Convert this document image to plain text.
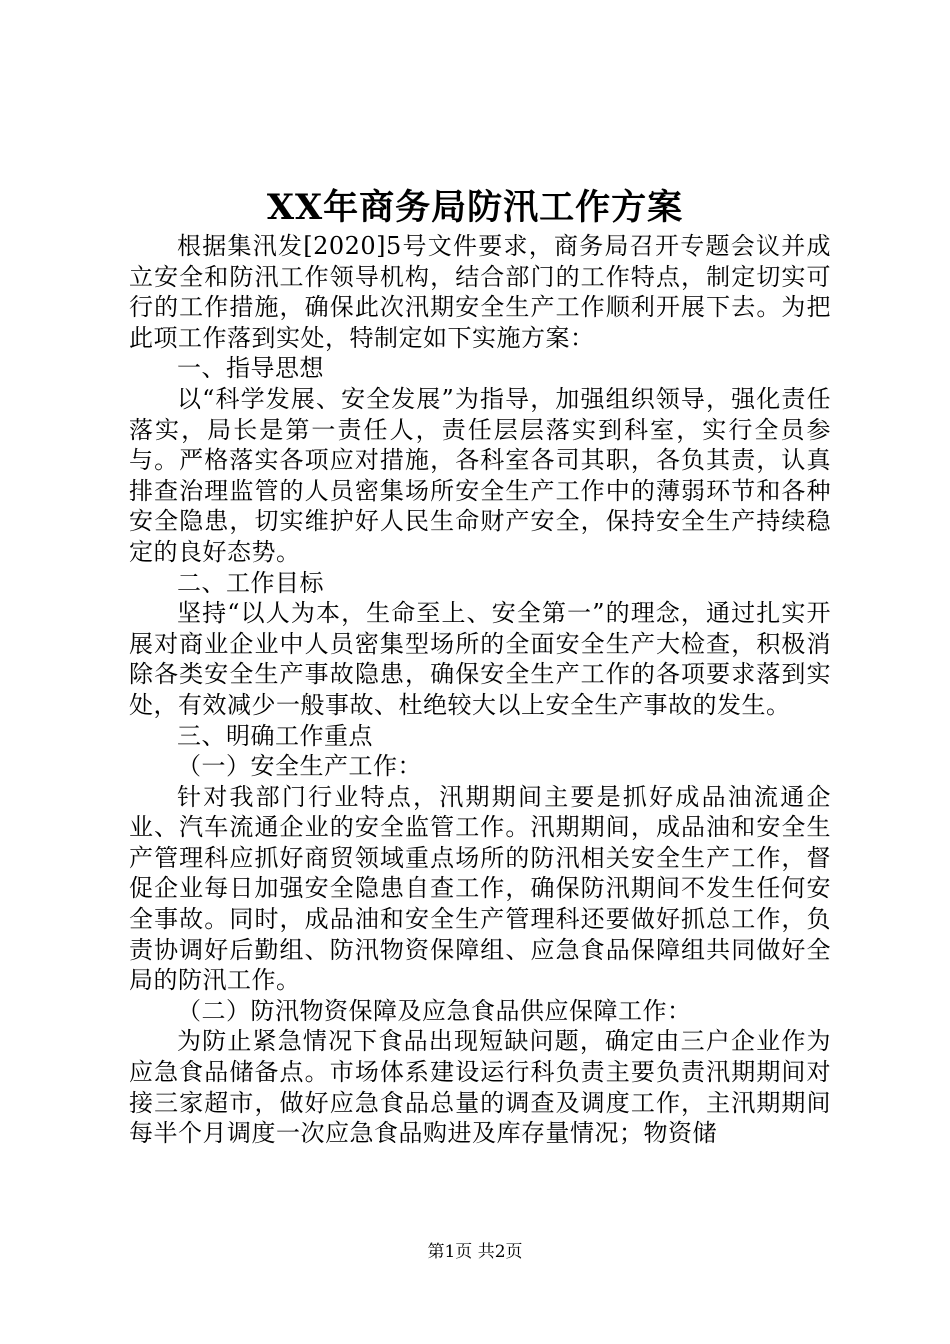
XX年商务局防汛工作方案

根据集汛发[2020]5号文件要求，商务局召开专题会议并成立安全和防汛工作领导机构，结合部门的工作特点，制定切实可行的工作措施，确保此次汛期安全生产工作顺利开展下去。为把此项工作落到实处，特制定如下实施方案：

一、指导思想

以“科学发展、安全发展”为指导，加强组织领导，强化责任落实，局长是第一责任人，责任层层落实到科室，实行全员参与。严格落实各项应对措施，各科室各司其职，各负其责，认真排查治理监管的人员密集场所安全生产工作中的薄弱环节和各种安全隐患，切实维护好人民生命财产安全，保持安全生产持续稳定的良好态势。

二、工作目标

坚持“以人为本，生命至上、安全第一”的理念，通过扎实开展对商业企业中人员密集型场所的全面安全生产大检查，积极消除各类安全生产事故隐患，确保安全生产工作的各项要求落到实处，有效减少一般事故、杜绝较大以上安全生产事故的发生。

三、明确工作重点

（一）安全生产工作：

针对我部门行业特点，汛期期间主要是抓好成品油流通企业、汽车流通企业的安全监管工作。汛期期间，成品油和安全生产管理科应抓好商贸领域重点场所的防汛相关安全生产工作，督促企业每日加强安全隐患自查工作，确保防汛期间不发生任何安全事故。同时，成品油和安全生产管理科还要做好抓总工作，负责协调好后勤组、防汛物资保障组、应急食品保障组共同做好全局的防汛工作。

（二）防汛物资保障及应急食品供应保障工作：

为防止紧急情况下食品出现短缺问题，确定由三户企业作为应急食品储备点。市场体系建设运行科负责主要负责汛期期间对接三家超市，做好应急食品总量的调查及调度工作，主汛期期间每半个月调度一次应急食品购进及库存量情况；物资储

第1页 共2页
